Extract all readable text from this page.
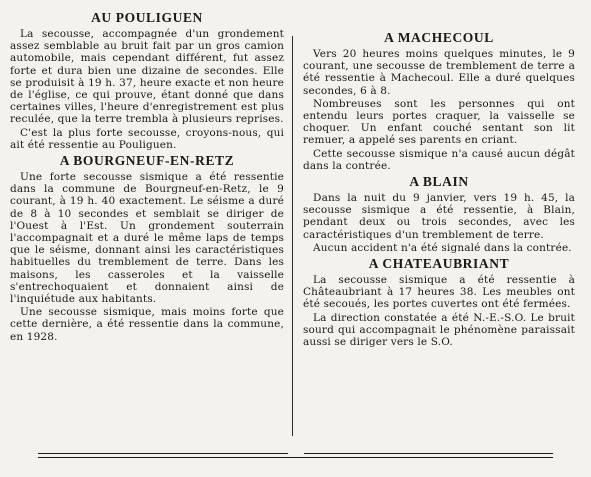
AU POULIGUEN

La secousse, accompagnée d'un grondement assez semblable au bruit fait par un gros camion automobile, mais cependant différent, fut assez forte et dura bien une dizaine de secondes. Elle se produisit à 19 h. 37, heure exacte et non heure de l'église, ce qui prouve, étant donné que dans certaines villes, l'heure d'enregistrement est plus reculée, que la terre trembla à plusieurs reprises.

C'est la plus forte secousse, croyons-nous, qui ait été ressentie au Pouliguen.

A BOURGNEUF-EN-RETZ

Une forte secousse sismique a été ressentie dans la commune de Bourgneuf-en-Retz, le 9 courant, à 19 h. 40 exactement. Le séisme a duré de 8 à 10 secondes et semblait se diriger de l'Ouest à l'Est. Un grondement souterrain l'accompagnait et a duré le même laps de temps que le séisme, donnant ainsi les caractéristiques habituelles du tremblement de terre. Dans les maisons, les casseroles et la vaisselle s'entrechoquaient et donnaient ainsi de l'inquiétude aux habitants.

Une secousse sismique, mais moins forte que cette dernière, a été ressentie dans la commune, en 1928.

A MACHECOUL

Vers 20 heures moins quelques minutes, le 9 courant, une secousse de tremblement de terre a été ressentie à Machecoul. Elle a duré quelques secondes, 6 à 8.

Nombreuses sont les personnes qui ont entendu leurs portes craquer, la vaisselle se choquer. Un enfant couché sentant son lit remuer, a appelé ses parents en criant.

Cette secousse sismique n'a causé aucun dégât dans la contrée.

A BLAIN

Dans la nuit du 9 janvier, vers 19 h. 45, la secousse sismique a été ressentie, à Blain, pendant deux ou trois secondes, avec les caractéristiques d'un tremblement de terre.

Aucun accident n'a été signalé dans la contrée.

A CHATEAUBRIANT

La secousse sismique a été ressentie à Châteaubriant à 17 heures 38. Les meubles ont été secoués, les portes cuvertes ont été fermées.

La direction constatée a été N.-E.-S.O. Le bruit sourd qui accompagnait le phénomène paraissait aussi se diriger vers le S.O.
